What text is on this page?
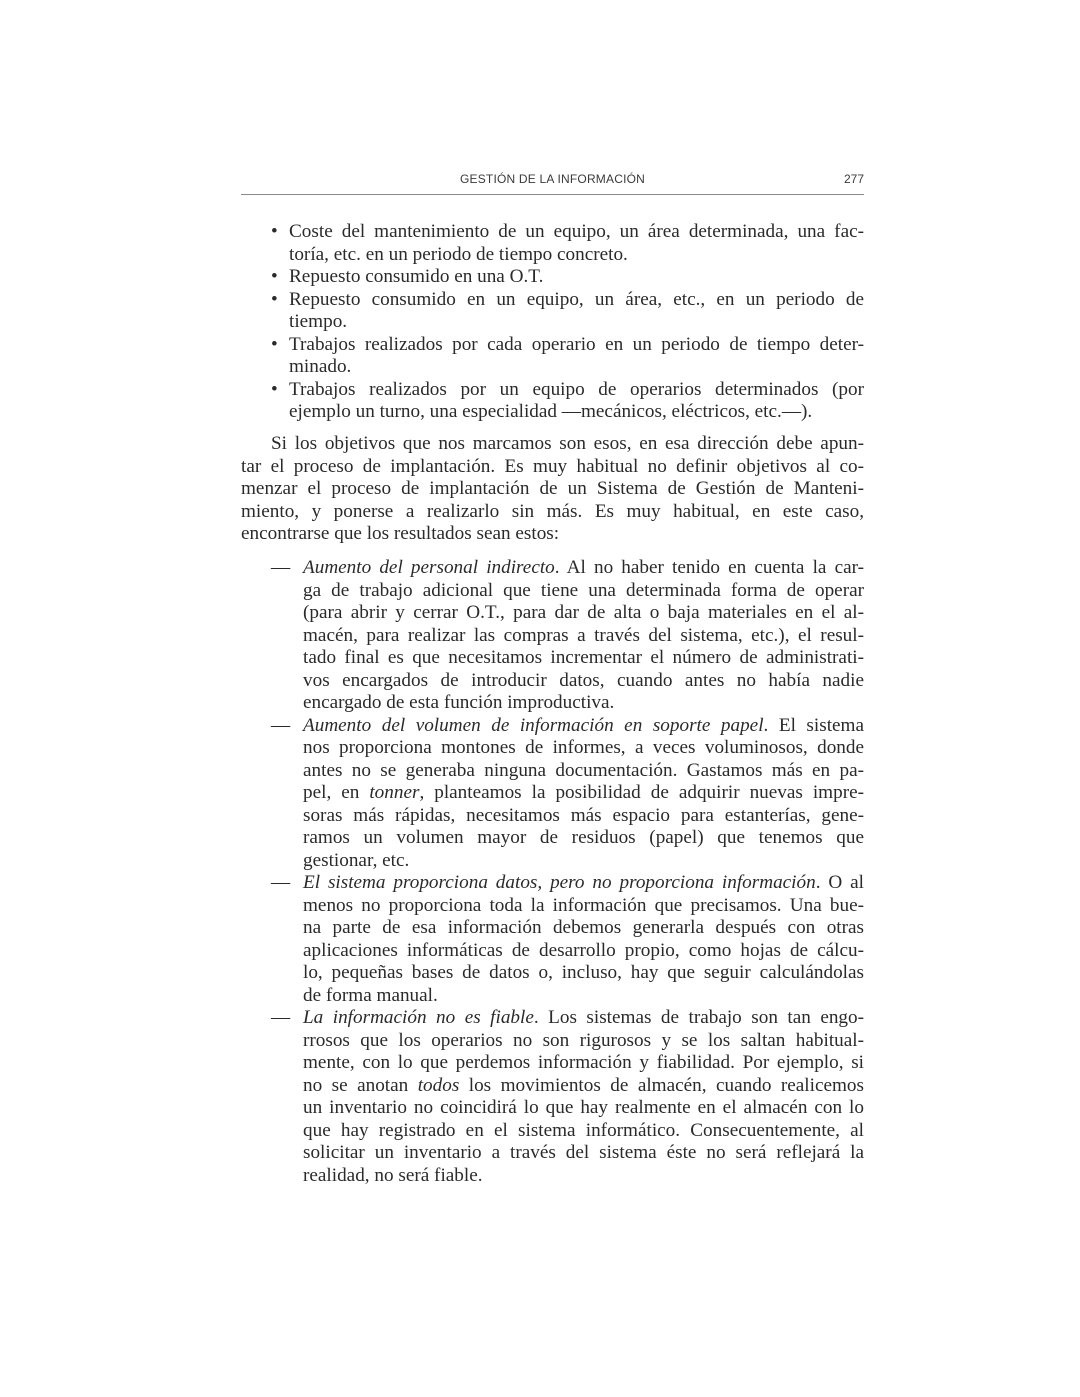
GESTIÓN DE LA INFORMACIÓN	277
• Coste del mantenimiento de un equipo, un área determinada, una fac-
toría, etc. en un periodo de tiempo concreto.
• Repuesto consumido en una O.T.
• Repuesto consumido en un equipo, un área, etc., en un periodo de
tiempo.
• Trabajos realizados por cada operario en un periodo de tiempo deter-
minado.
• Trabajos realizados por un equipo de operarios determinados (por
ejemplo un turno, una especialidad —mecánicos, eléctricos, etc.—).
Si los objetivos que nos marcamos son esos, en esa dirección debe apun-
tar el proceso de implantación. Es muy habitual no definir objetivos al co-
menzar el proceso de implantación de un Sistema de Gestión de Manteni-
miento, y ponerse a realizarlo sin más. Es muy habitual, en este caso,
encontrarse que los resultados sean estos:
— Aumento del personal indirecto. Al no haber tenido en cuenta la car-
ga de trabajo adicional que tiene una determinada forma de operar
(para abrir y cerrar O.T., para dar de alta o baja materiales en el al-
macén, para realizar las compras a través del sistema, etc.), el resul-
tado final es que necesitamos incrementar el número de administrati-
vos encargados de introducir datos, cuando antes no había nadie
encargado de esta función improductiva.
— Aumento del volumen de información en soporte papel. El sistema
nos proporciona montones de informes, a veces voluminosos, donde
antes no se generaba ninguna documentación. Gastamos más en pa-
pel, en tonner, planteamos la posibilidad de adquirir nuevas impre-
soras más rápidas, necesitamos más espacio para estanterías, gene-
ramos un volumen mayor de residuos (papel) que tenemos que
gestionar, etc.
— El sistema proporciona datos, pero no proporciona información. O al
menos no proporciona toda la información que precisamos. Una bue-
na parte de esa información debemos generarla después con otras
aplicaciones informáticas de desarrollo propio, como hojas de cálcu-
lo, pequeñas bases de datos o, incluso, hay que seguir calculándolas
de forma manual.
— La información no es fiable. Los sistemas de trabajo son tan engo-
rrosos que los operarios no son rigurosos y se los saltan habitual-
mente, con lo que perdemos información y fiabilidad. Por ejemplo, si
no se anotan todos los movimientos de almacén, cuando realicemos
un inventario no coincidirá lo que hay realmente en el almacén con lo
que hay registrado en el sistema informático. Consecuentemente, al
solicitar un inventario a través del sistema éste no será reflejará la
realidad, no será fiable.
